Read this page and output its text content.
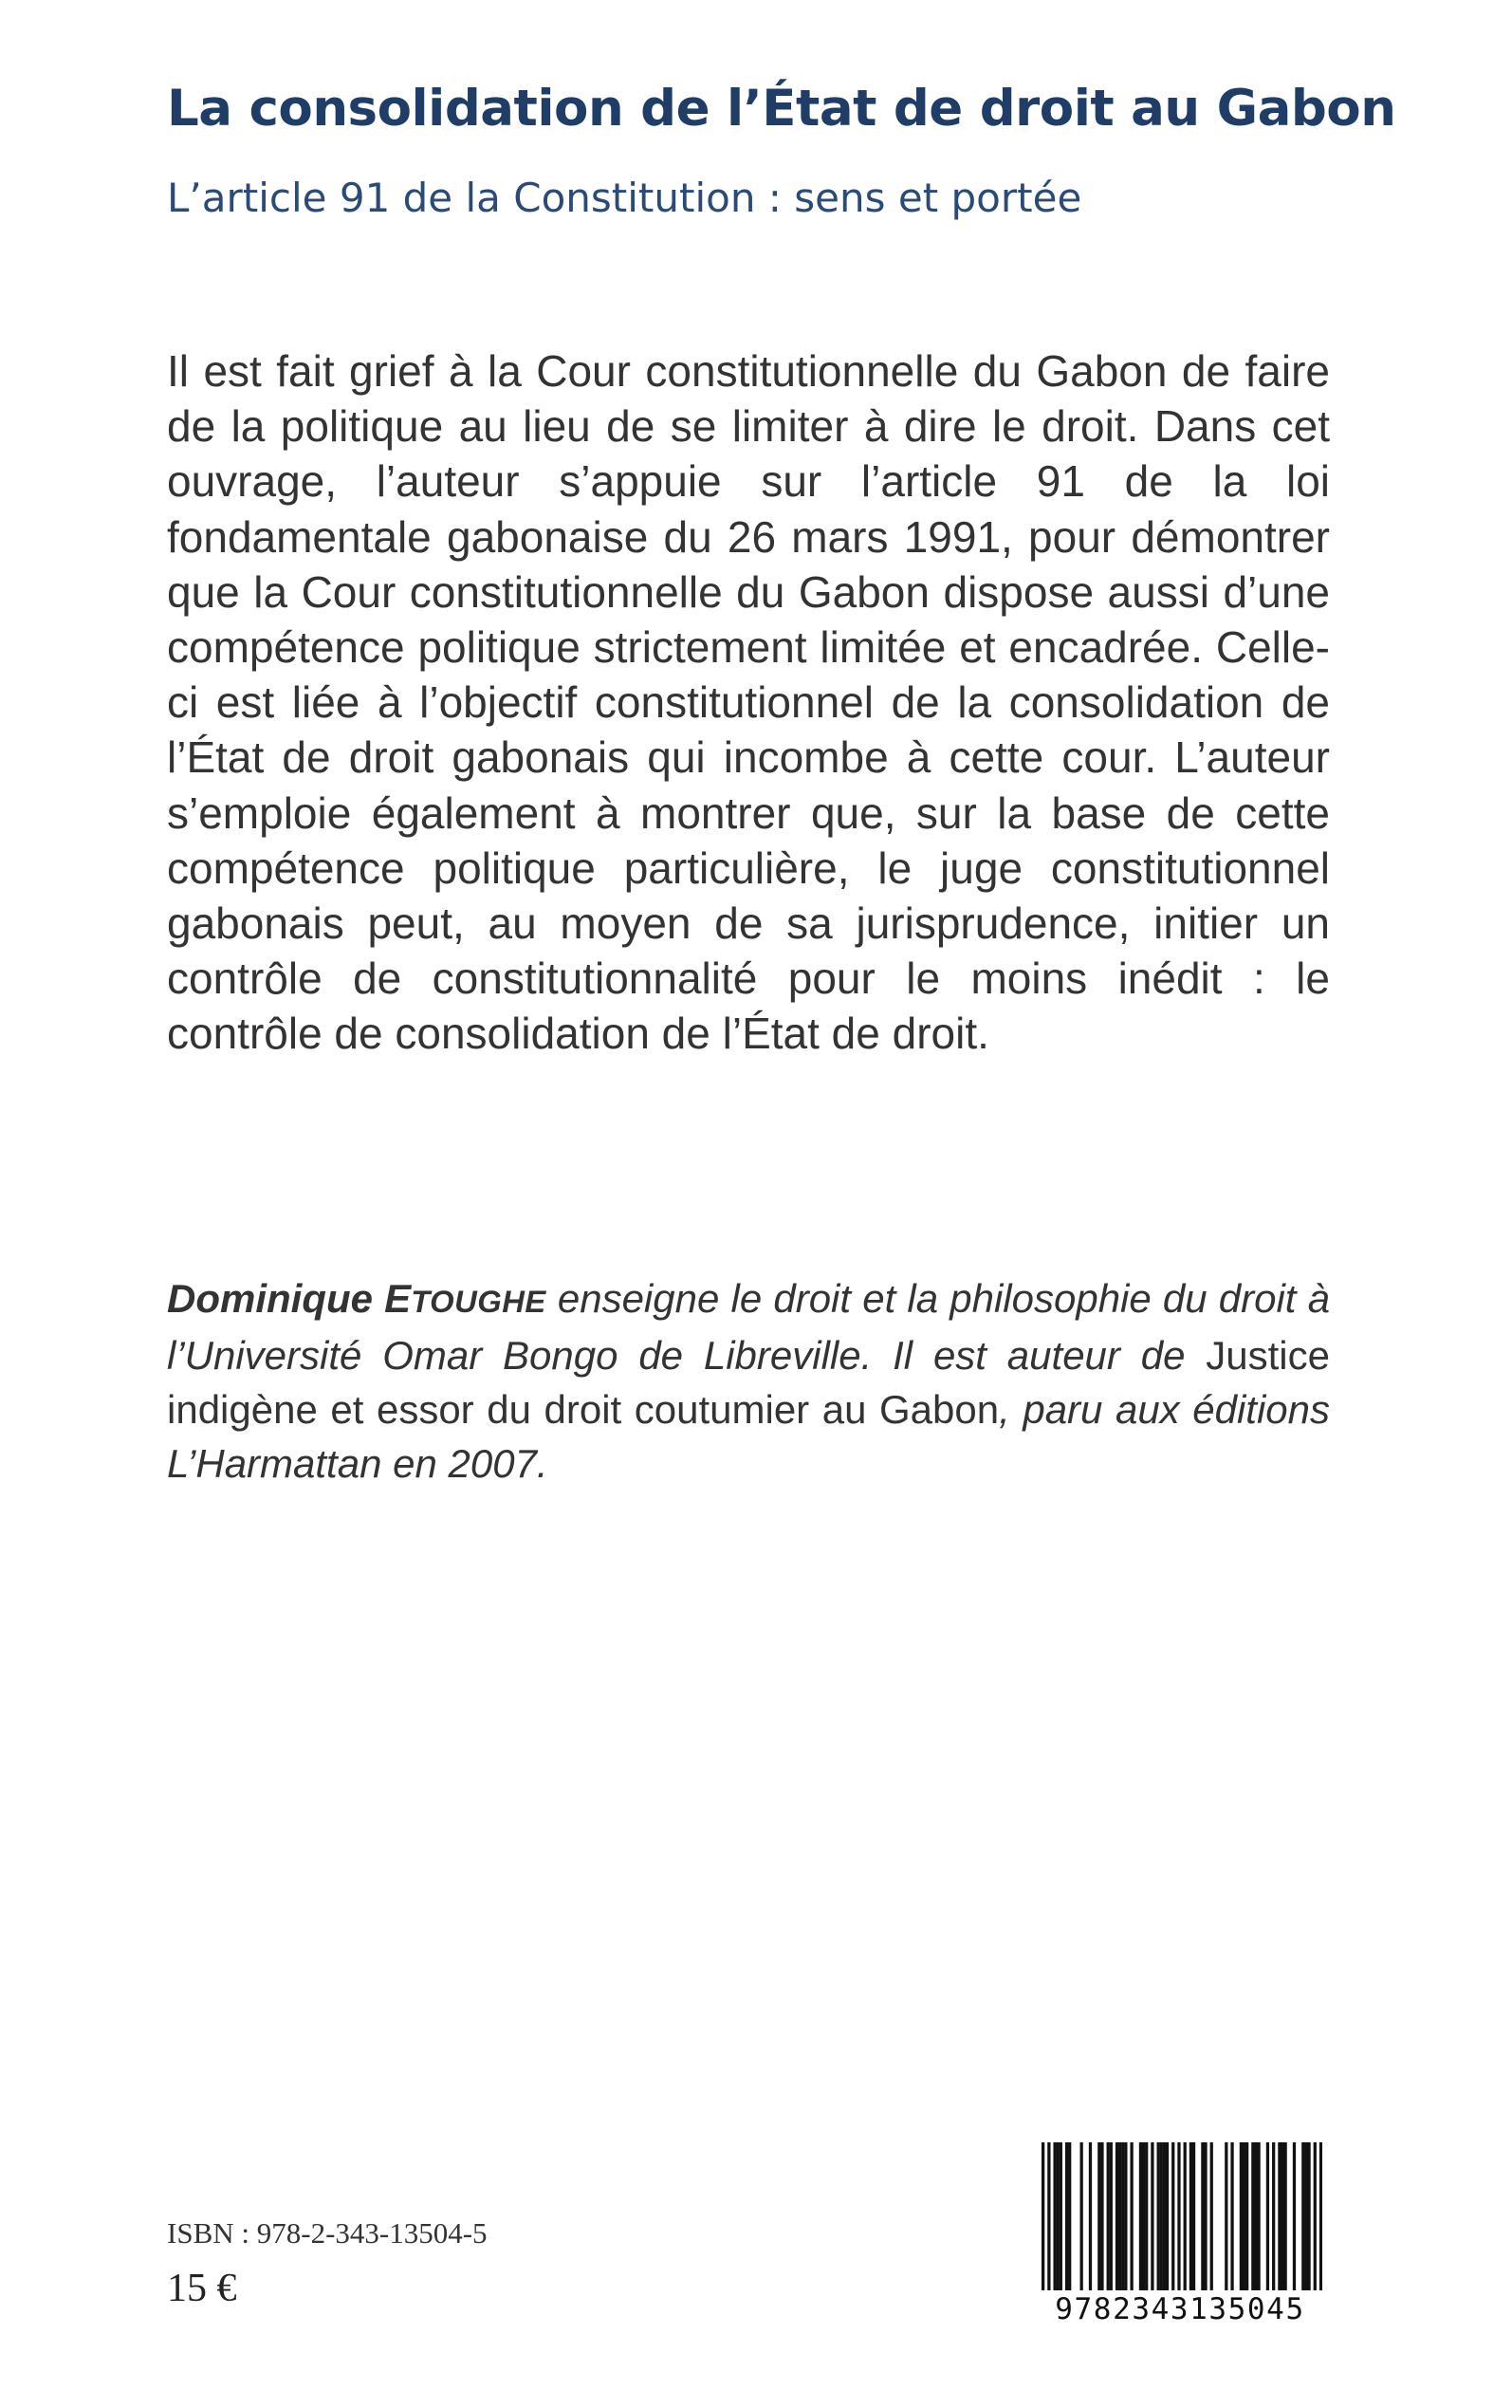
La consolidation de l’État de droit au Gabon
L’article 91 de la Constitution : sens et portée

Il est fait grief à la Cour constitutionnelle du Gabon de faire de la politique au lieu de se limiter à dire le droit. Dans cet ouvrage, l’auteur s’appuie sur l’article 91 de la loi fondamentale gabonaise du 26 mars 1991, pour démontrer que la Cour constitutionnelle du Gabon dispose aussi d’une compétence politique strictement limitée et encadrée. Celle-ci est liée à l’objectif constitutionnel de la consolidation de l’État de droit gabonais qui incombe à cette cour. L’auteur s’emploie également à montrer que, sur la base de cette compétence politique particulière, le juge constitutionnel gabonais peut, au moyen de sa jurisprudence, initier un contrôle de constitutionnalité pour le moins inédit : le contrôle de consolidation de l’État de droit.

Dominique ETOUGHE enseigne le droit et la philosophie du droit à l’Université Omar Bongo de Libreville. Il est auteur de Justice indigène et essor du droit coutumier au Gabon, paru aux éditions L’Harmattan en 2007.

ISBN : 978-2-343-13504-5
15 €	9782343135045
